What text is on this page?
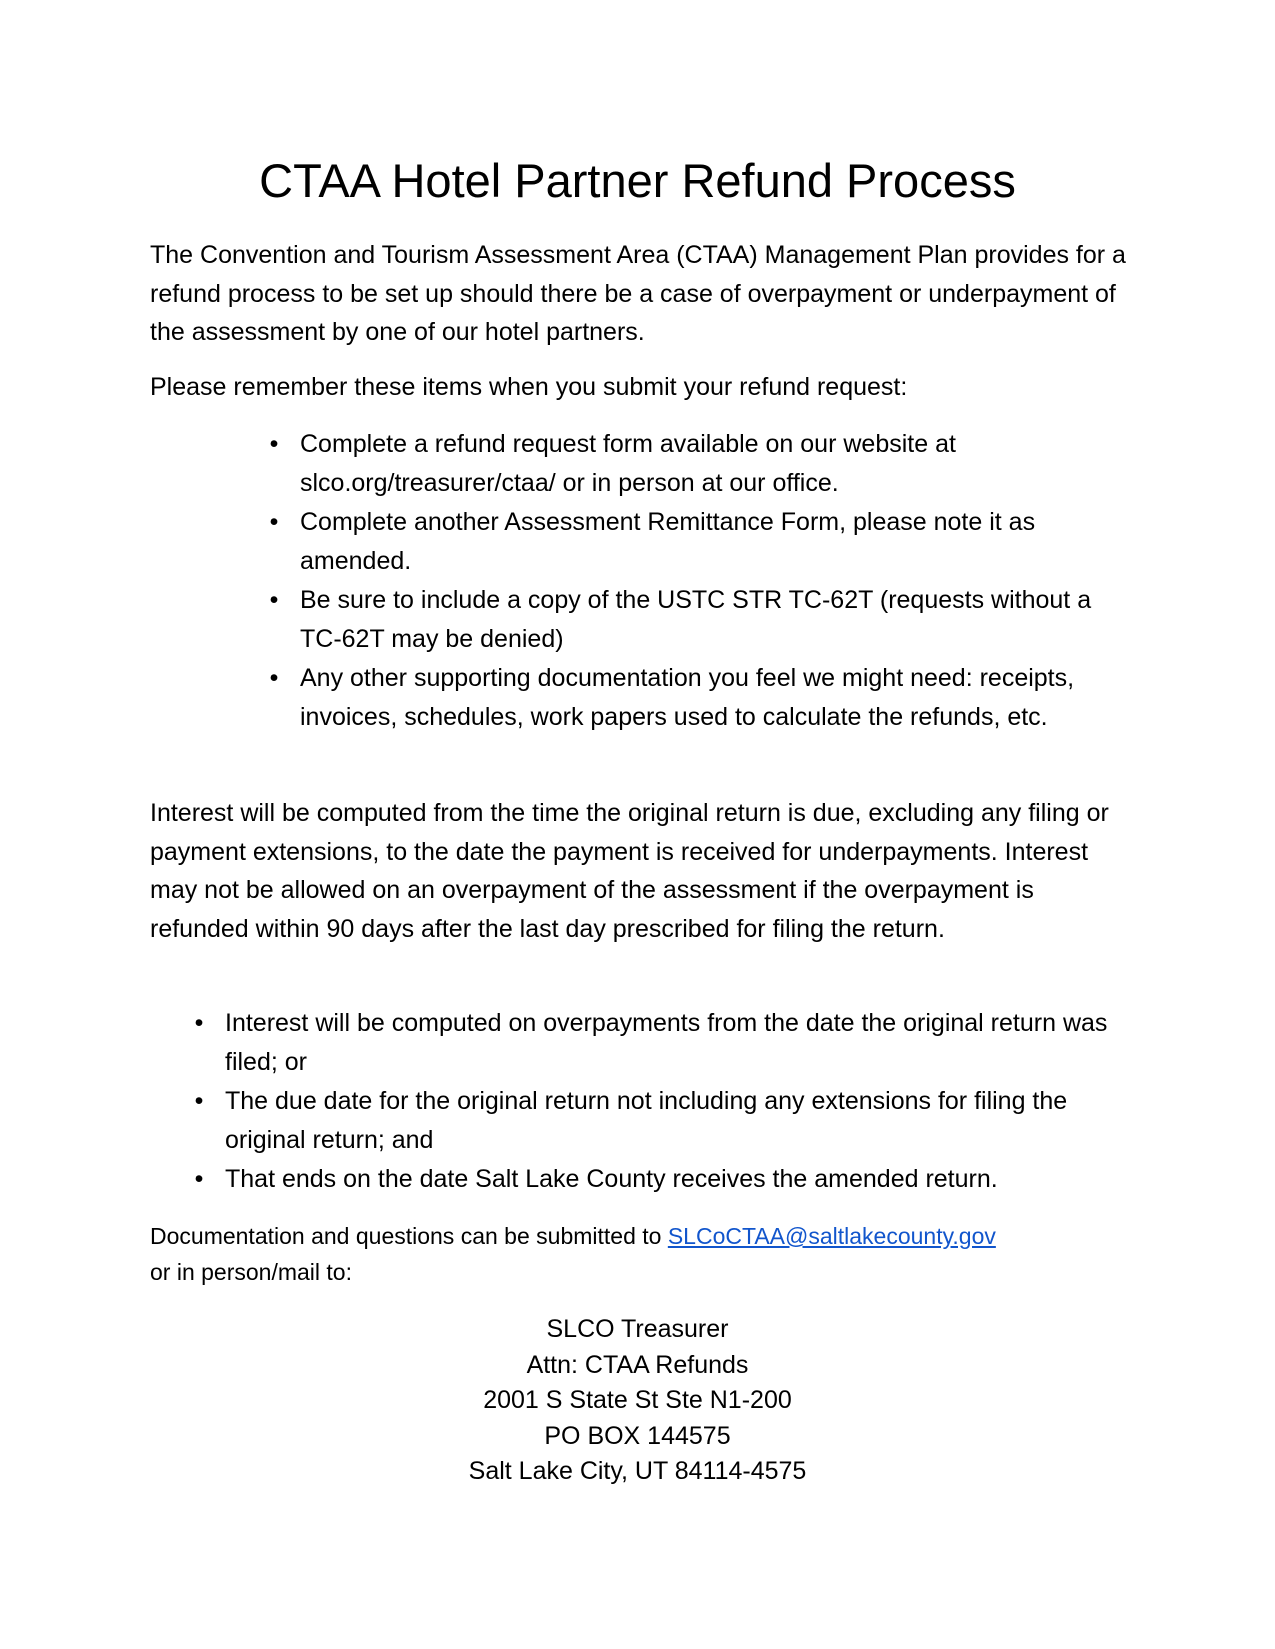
CTAA Hotel Partner Refund Process

The Convention and Tourism Assessment Area (CTAA) Management Plan provides for a refund process to be set up should there be a case of overpayment or underpayment of the assessment by one of our hotel partners.

Please remember these items when you submit your refund request:

• Complete a refund request form available on our website at slco.org/treasurer/ctaa/ or in person at our office.
• Complete another Assessment Remittance Form, please note it as amended.
• Be sure to include a copy of the USTC STR TC-62T (requests without a TC-62T may be denied)
• Any other supporting documentation you feel we might need: receipts, invoices, schedules, work papers used to calculate the refunds, etc.

Interest will be computed from the time the original return is due, excluding any filing or payment extensions, to the date the payment is received for underpayments. Interest may not be allowed on an overpayment of the assessment if the overpayment is refunded within 90 days after the last day prescribed for filing the return.

• Interest will be computed on overpayments from the date the original return was filed; or
• The due date for the original return not including any extensions for filing the original return; and
• That ends on the date Salt Lake County receives the amended return.

Documentation and questions can be submitted to SLCoCTAA@saltlakecounty.gov
or in person/mail to:

SLCO Treasurer
Attn: CTAA Refunds
2001 S State St Ste N1-200
PO BOX 144575
Salt Lake City, UT 84114-4575
